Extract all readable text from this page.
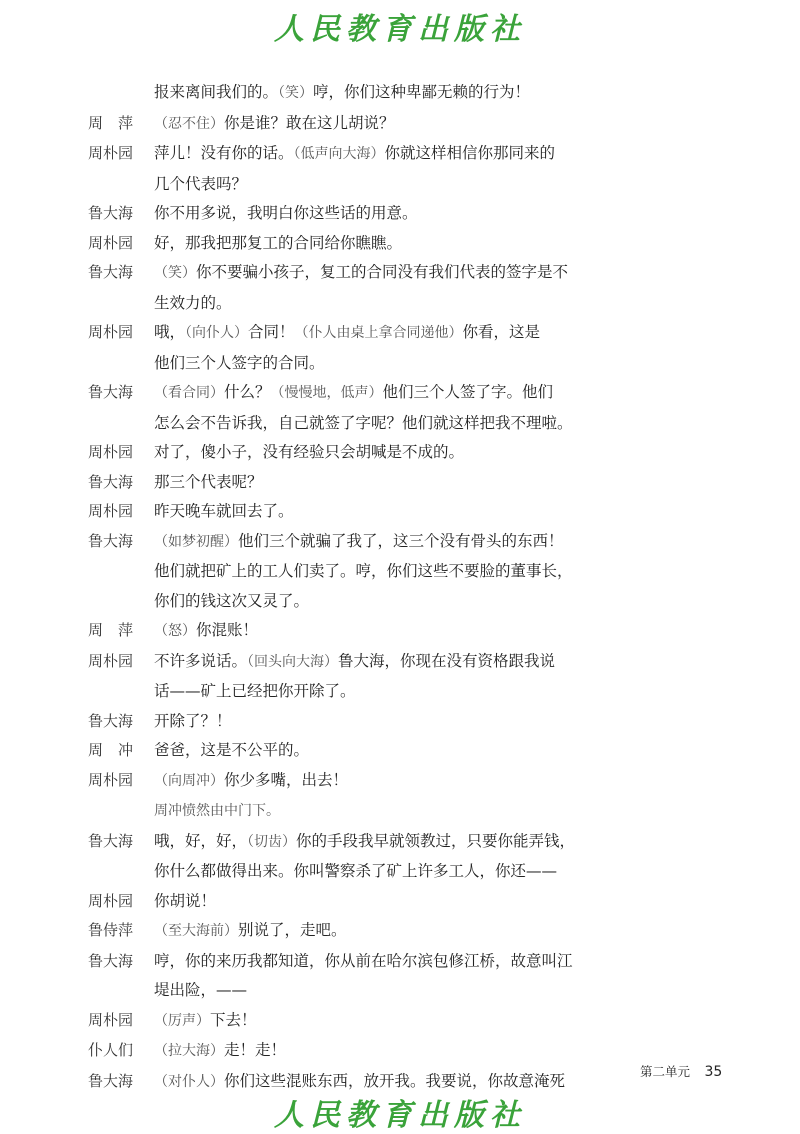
人民教育出版社
报来离间我们的。（笑）哼，你们这种卑鄙无赖的行为！
周　萍	（忍不住）你是谁？敢在这儿胡说？
周朴园	萍儿！没有你的话。（低声向大海）你就这样相信你那同来的
几个代表吗？
鲁大海	你不用多说，我明白你这些话的用意。
周朴园	好，那我把那复工的合同给你瞧瞧。
鲁大海	（笑）你不要骗小孩子，复工的合同没有我们代表的签字是不
生效力的。
周朴园	哦，（向仆人）合同！（仆人由桌上拿合同递他）你看，这是
他们三个人签字的合同。
鲁大海	（看合同）什么？（慢慢地，低声）他们三个人签了字。他们
怎么会不告诉我，自己就签了字呢？他们就这样把我不理啦。
周朴园	对了，傻小子，没有经验只会胡喊是不成的。
鲁大海	那三个代表呢？
周朴园	昨天晚车就回去了。
鲁大海	（如梦初醒）他们三个就骗了我了，这三个没有骨头的东西！
他们就把矿上的工人们卖了。哼，你们这些不要脸的董事长，
你们的钱这次又灵了。
周　萍	（怒）你混账！
周朴园	不许多说话。（回头向大海）鲁大海，你现在没有资格跟我说
话——矿上已经把你开除了。
鲁大海	开除了？！
周　冲	爸爸，这是不公平的。
周朴园	（向周冲）你少多嘴，出去！
周冲愤然由中门下。
鲁大海	哦，好，好，（切齿）你的手段我早就领教过，只要你能弄钱，
你什么都做得出来。你叫警察杀了矿上许多工人，你还——
周朴园	你胡说！
鲁侍萍	（至大海前）别说了，走吧。
鲁大海	哼，你的来历我都知道，你从前在哈尔滨包修江桥，故意叫江
堤出险，——
周朴园	（厉声）下去！
仆人们	（拉大海）走！走！
鲁大海	（对仆人）你们这些混账东西，放开我。我要说，你故意淹死	第二单元 35
人民教育出版社
